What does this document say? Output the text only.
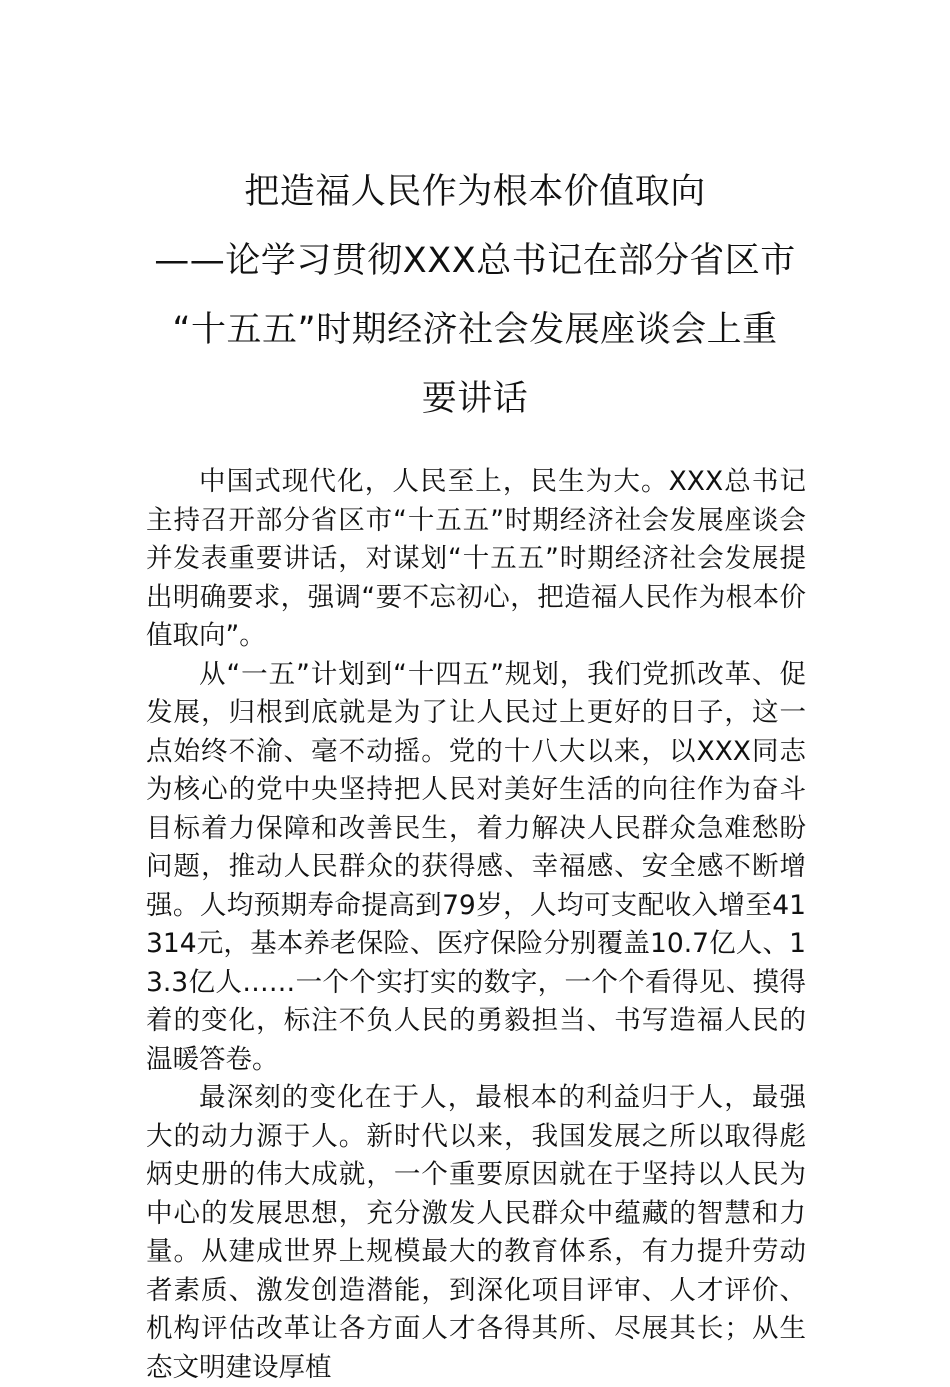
把造福人民作为根本价值取向
——论学习贯彻XXX总书记在部分省区市
“十五五”时期经济社会发展座谈会上重
要讲话

中国式现代化，人民至上，民生为大。XXX总书记主持召开部分省区市“十五五”时期经济社会发展座谈会并发表重要讲话，对谋划“十五五”时期经济社会发展提出明确要求，强调“要不忘初心，把造福人民作为根本价值取向”。

从“一五”计划到“十四五”规划，我们党抓改革、促发展，归根到底就是为了让人民过上更好的日子，这一点始终不渝、毫不动摇。党的十八大以来，以XXX同志为核心的党中央坚持把人民对美好生活的向往作为奋斗目标着力保障和改善民生，着力解决人民群众急难愁盼问题，推动人民群众的获得感、幸福感、安全感不断增强。人均预期寿命提高到79岁，人均可支配收入增至41314元，基本养老保险、医疗保险分别覆盖10.7亿人、13.3亿人……一个个实打实的数字，一个个看得见、摸得着的变化，标注不负人民的勇毅担当、书写造福人民的温暖答卷。

最深刻的变化在于人，最根本的利益归于人，最强大的动力源于人。新时代以来，我国发展之所以取得彪炳史册的伟大成就，一个重要原因就在于坚持以人民为中心的发展思想，充分激发人民群众中蕴藏的智慧和力量。从建成世界上规模最大的教育体系，有力提升劳动者素质、激发创造潜能，到深化项目评审、人才评价、机构评估改革让各方面人才各得其所、尽展其长；从生态文明建设厚植
